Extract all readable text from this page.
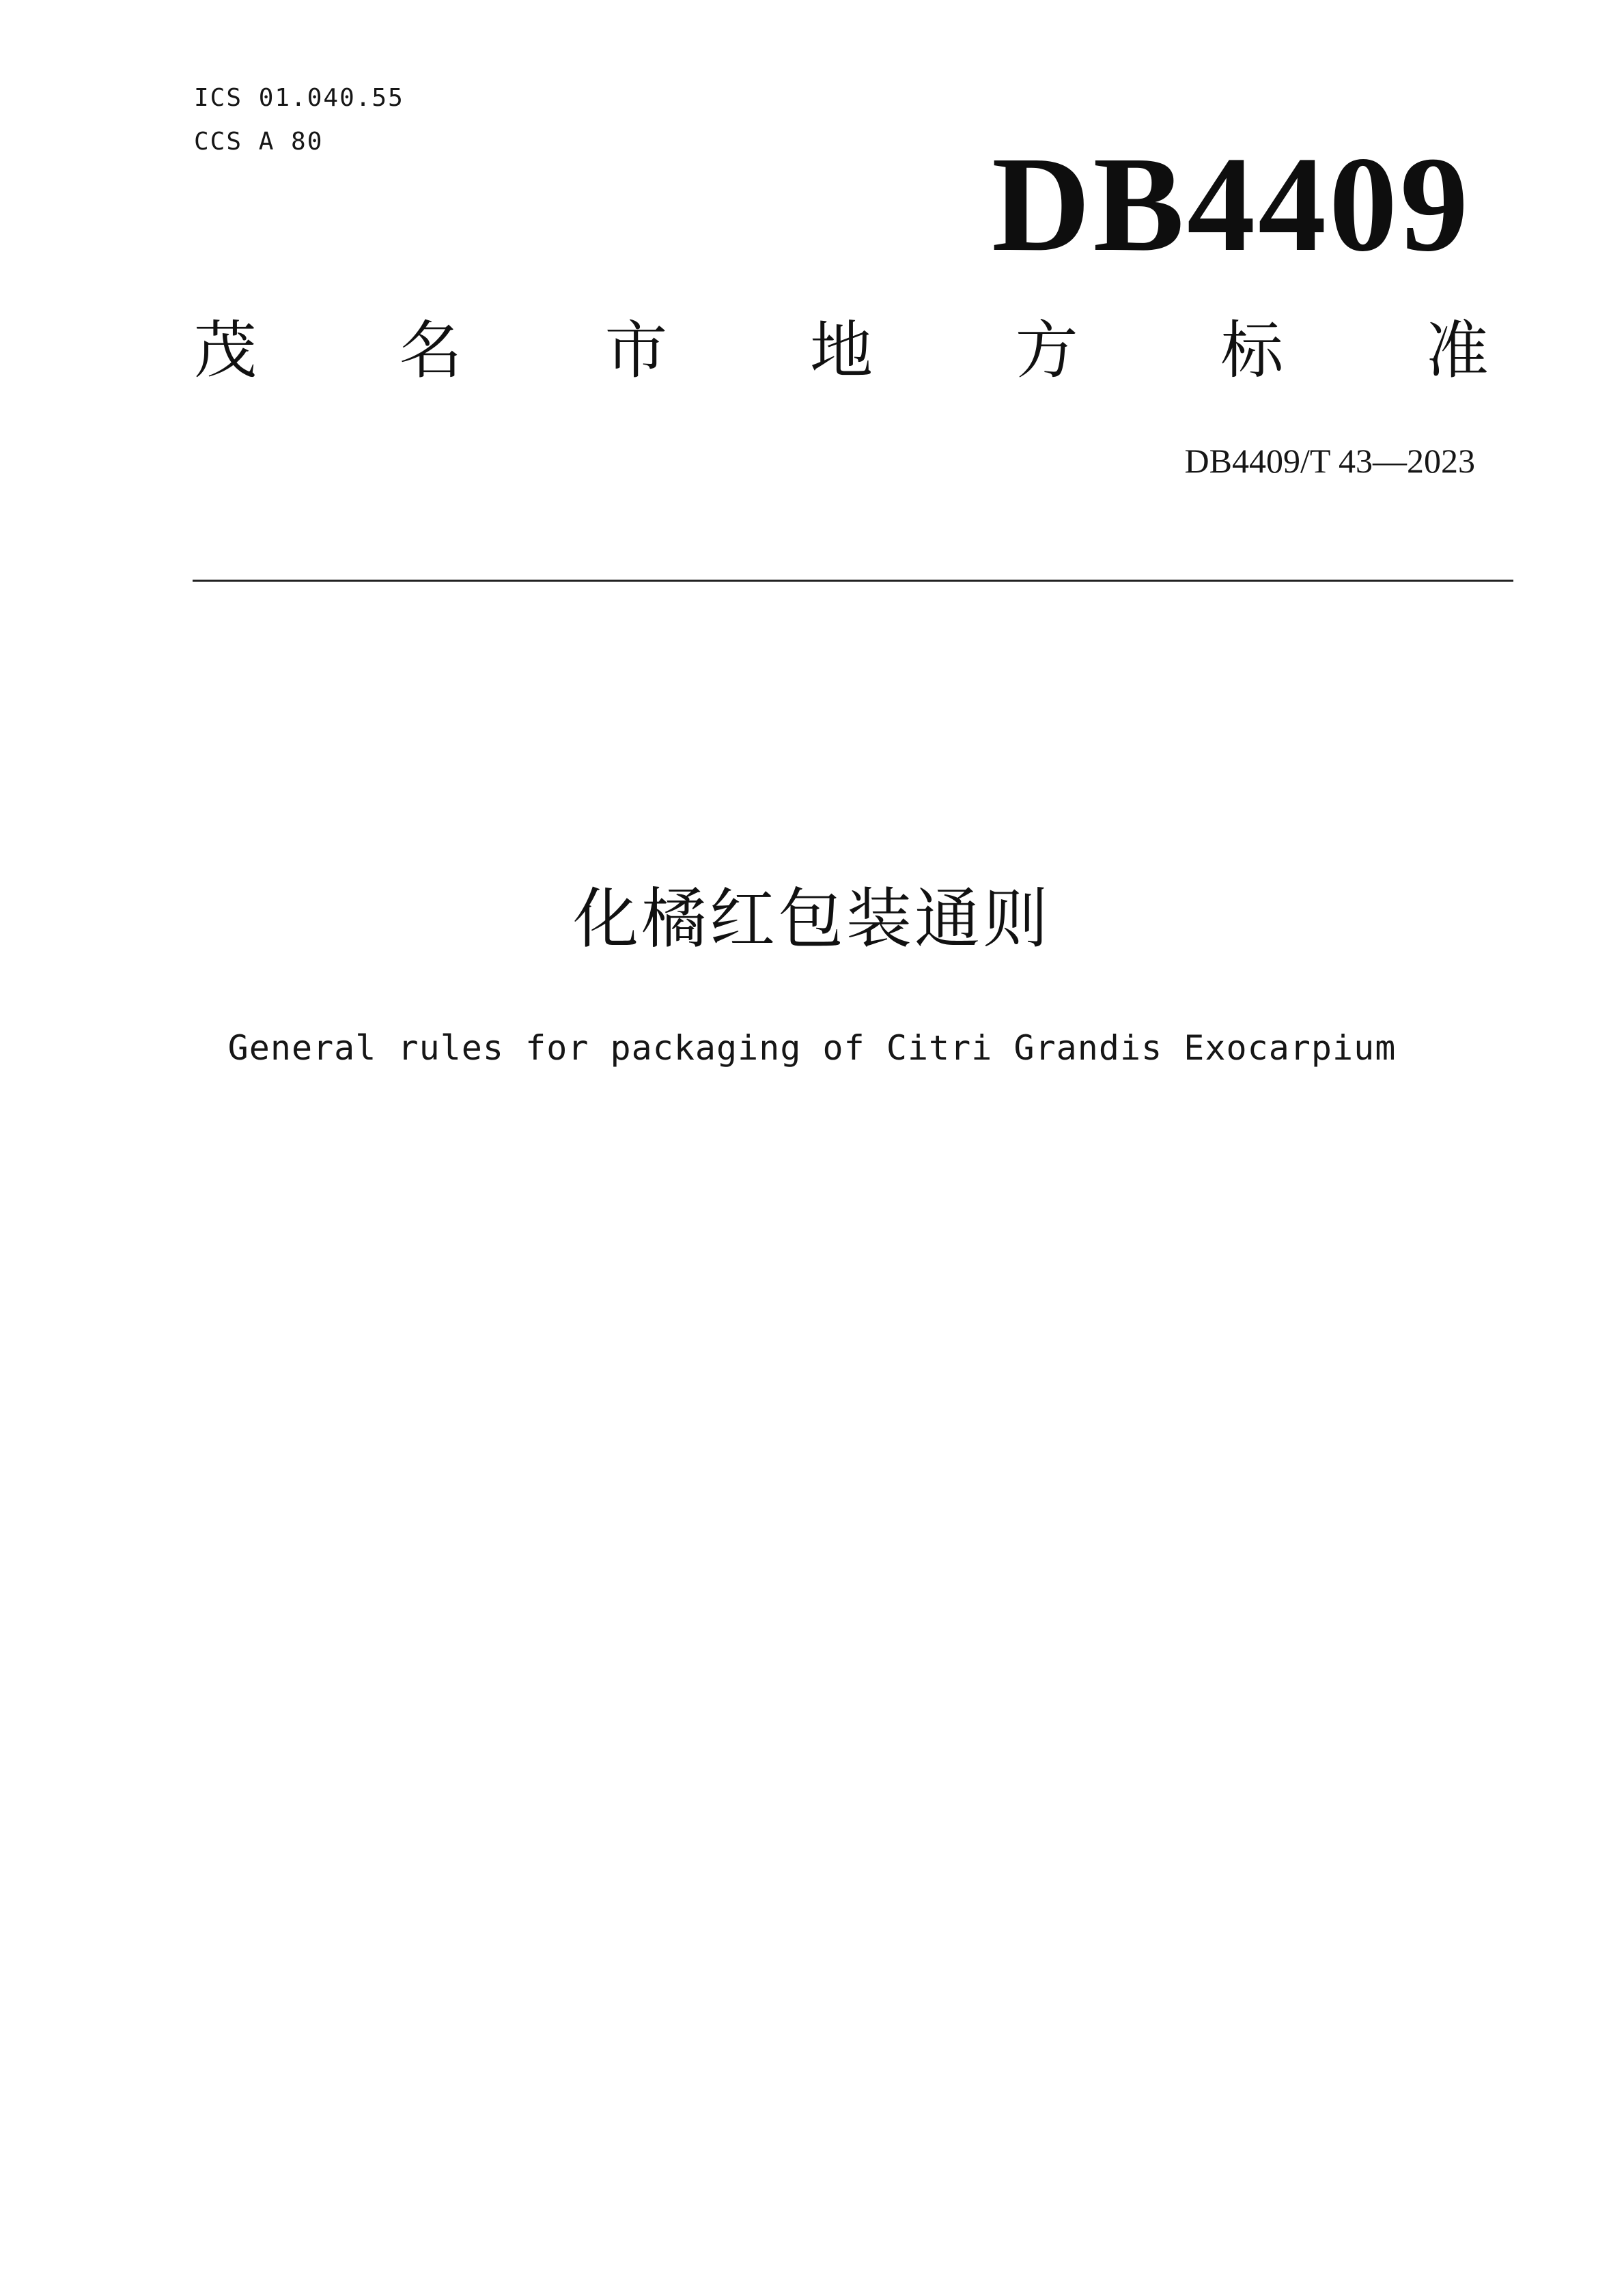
ICS 01.040.55
CCS A 80	DB4409
茂 名 市 地 方 标 准
DB4409/T 43—2023
化橘红包装通则
General rules for packaging of Citri Grandis Exocarpium
